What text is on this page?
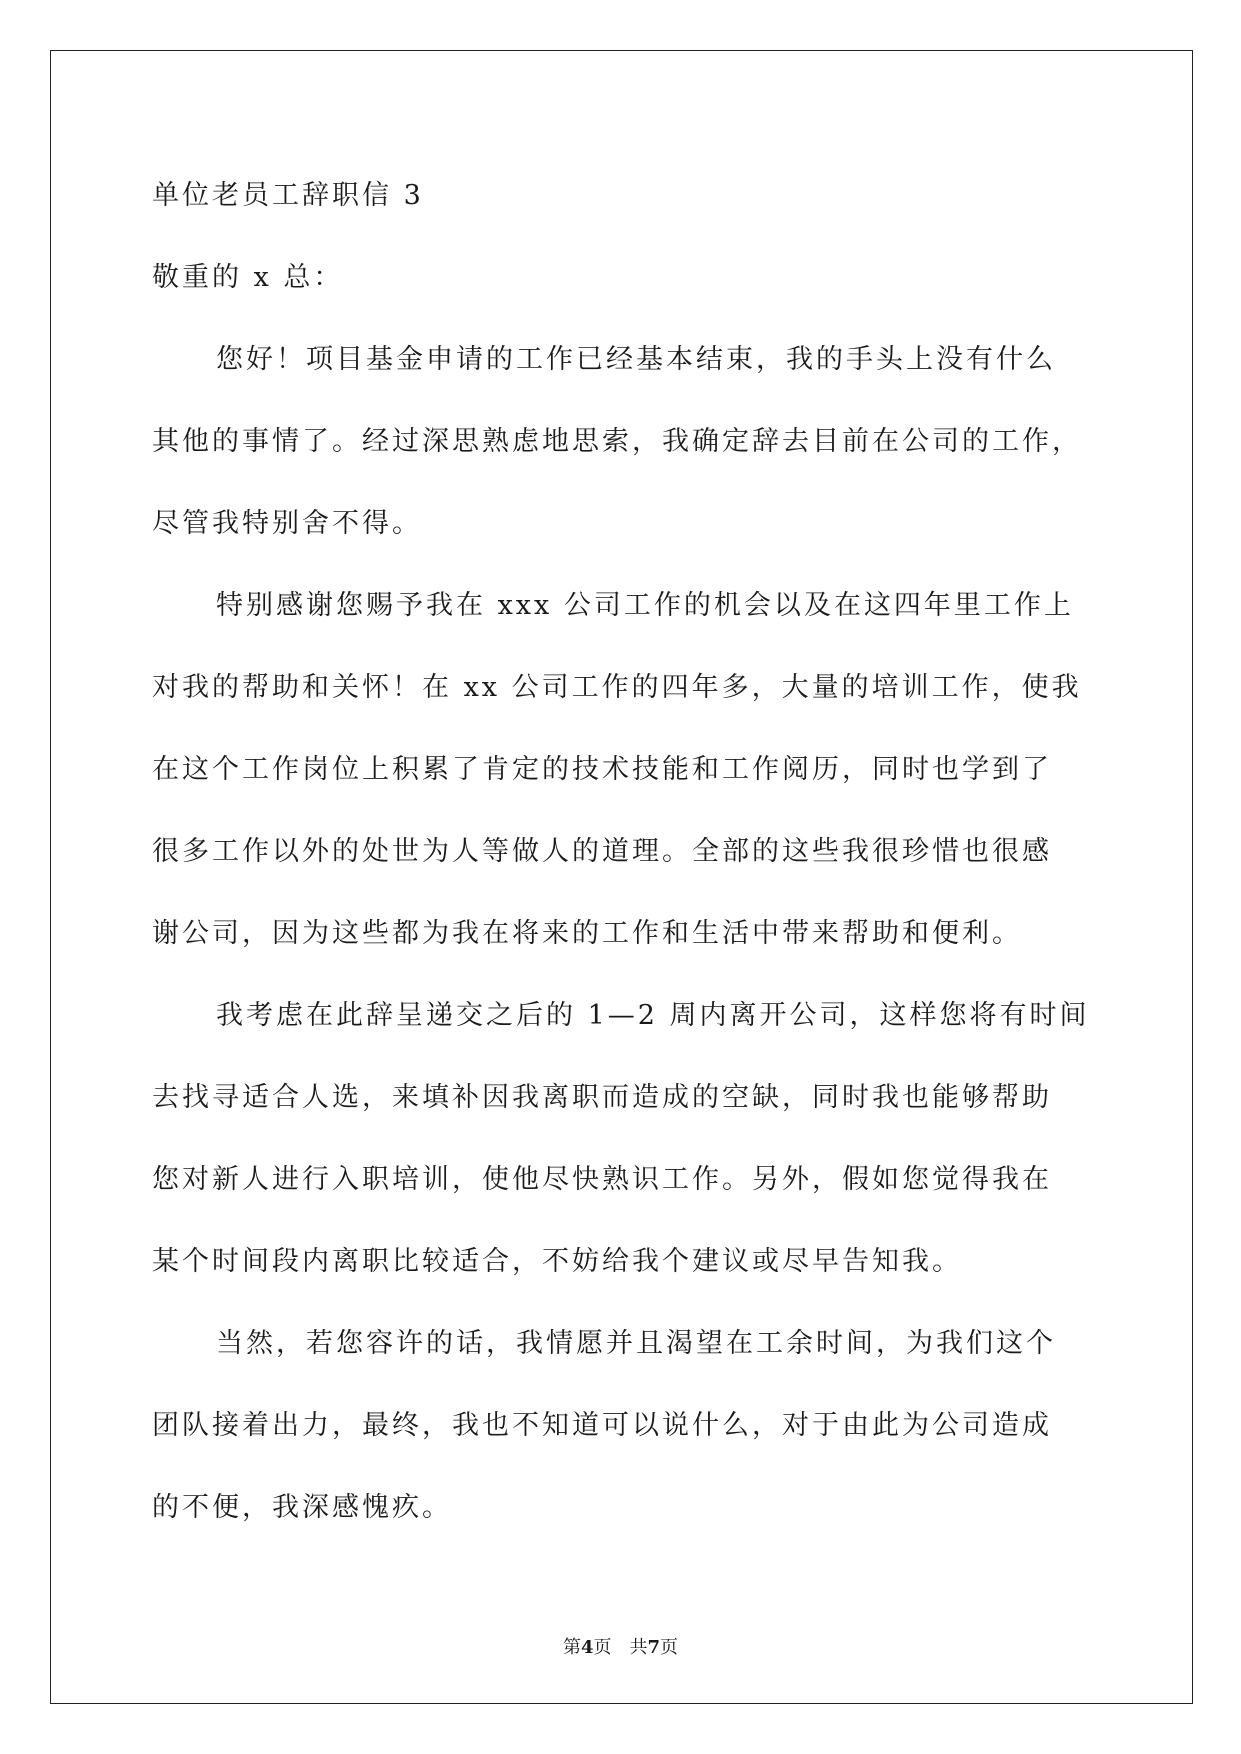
单位老员工辞职信 3

敬重的 x 总：

您好！项目基金申请的工作已经基本结束，我的手头上没有什么

其他的事情了。经过深思熟虑地思索，我确定辞去目前在公司的工作，

尽管我特别舍不得。

特别感谢您赐予我在 xxx 公司工作的机会以及在这四年里工作上

对我的帮助和关怀！在 xx 公司工作的四年多，大量的培训工作，使我

在这个工作岗位上积累了肯定的技术技能和工作阅历，同时也学到了

很多工作以外的处世为人等做人的道理。全部的这些我很珍惜也很感

谢公司，因为这些都为我在将来的工作和生活中带来帮助和便利。

我考虑在此辞呈递交之后的 1—2 周内离开公司，这样您将有时间

去找寻适合人选，来填补因我离职而造成的空缺，同时我也能够帮助

您对新人进行入职培训，使他尽快熟识工作。另外，假如您觉得我在

某个时间段内离职比较适合，不妨给我个建议或尽早告知我。

当然，若您容许的话，我情愿并且渴望在工余时间，为我们这个

团队接着出力，最终，我也不知道可以说什么，对于由此为公司造成

的不便，我深感愧疚。

第4页 共7页
